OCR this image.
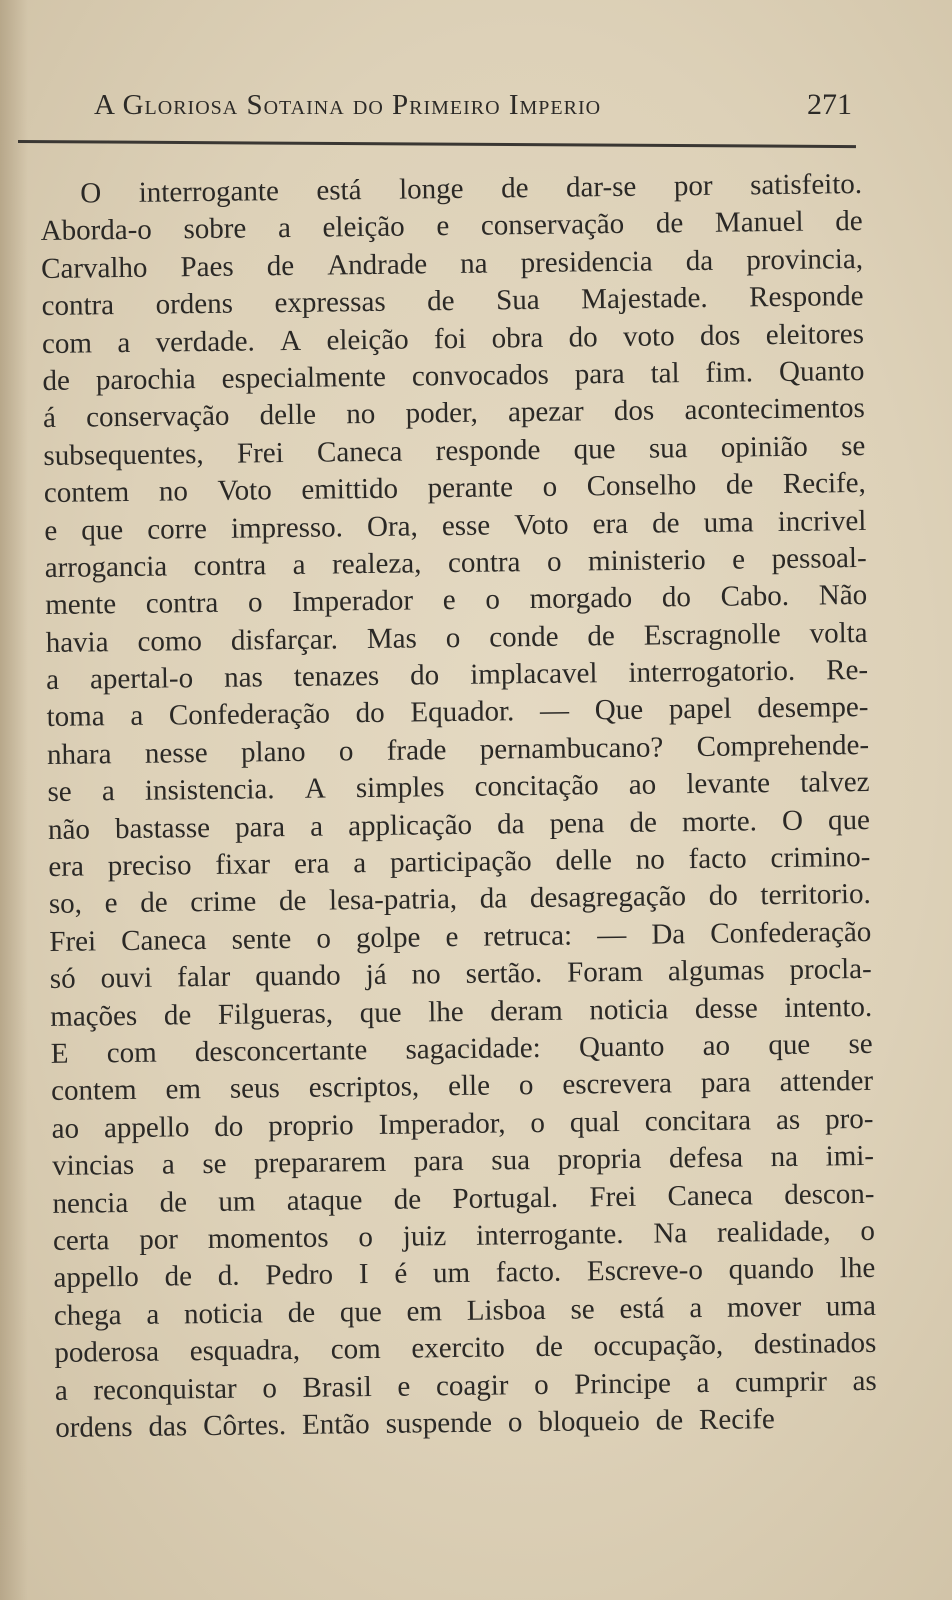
A Gloriosa Sotaina do Primeiro Imperio	271
O interrogante está longe de dar-se por satisfeito.
Aborda-o sobre a eleição e conservação de Manuel de
Carvalho Paes de Andrade na presidencia da provincia,
contra ordens expressas de Sua Majestade. Responde
com a verdade. A eleição foi obra do voto dos eleitores
de parochia especialmente convocados para tal fim. Quanto
á conservação delle no poder, apezar dos acontecimentos
subsequentes, Frei Caneca responde que sua opinião se
contem no Voto emittido perante o Conselho de Recife,
e que corre impresso. Ora, esse Voto era de uma incrivel
arrogancia contra a realeza, contra o ministerio e pessoal-
mente contra o Imperador e o morgado do Cabo. Não
havia como disfarçar. Mas o conde de Escragnolle volta
a apertal-o nas tenazes do implacavel interrogatorio. Re-
toma a Confederação do Equador. — Que papel desempe-
nhara nesse plano o frade pernambucano? Comprehende-
se a insistencia. A simples concitação ao levante talvez
não bastasse para a applicação da pena de morte. O que
era preciso fixar era a participação delle no facto crimino-
so, e de crime de lesa-patria, da desagregação do territorio.
Frei Caneca sente o golpe e retruca: — Da Confederação
só ouvi falar quando já no sertão. Foram algumas procla-
mações de Filgueras, que lhe deram noticia desse intento.
E com desconcertante sagacidade: Quanto ao que se
contem em seus escriptos, elle o escrevera para attender
ao appello do proprio Imperador, o qual concitara as pro-
vincias a se prepararem para sua propria defesa na imi-
nencia de um ataque de Portugal. Frei Caneca descon-
certa por momentos o juiz interrogante. Na realidade, o
appello de d. Pedro I é um facto. Escreve-o quando lhe
chega a noticia de que em Lisboa se está a mover uma
poderosa esquadra, com exercito de occupação, destinados
a reconquistar o Brasil e coagir o Principe a cumprir as
ordens das Côrtes. Então suspende o bloqueio de Recife
